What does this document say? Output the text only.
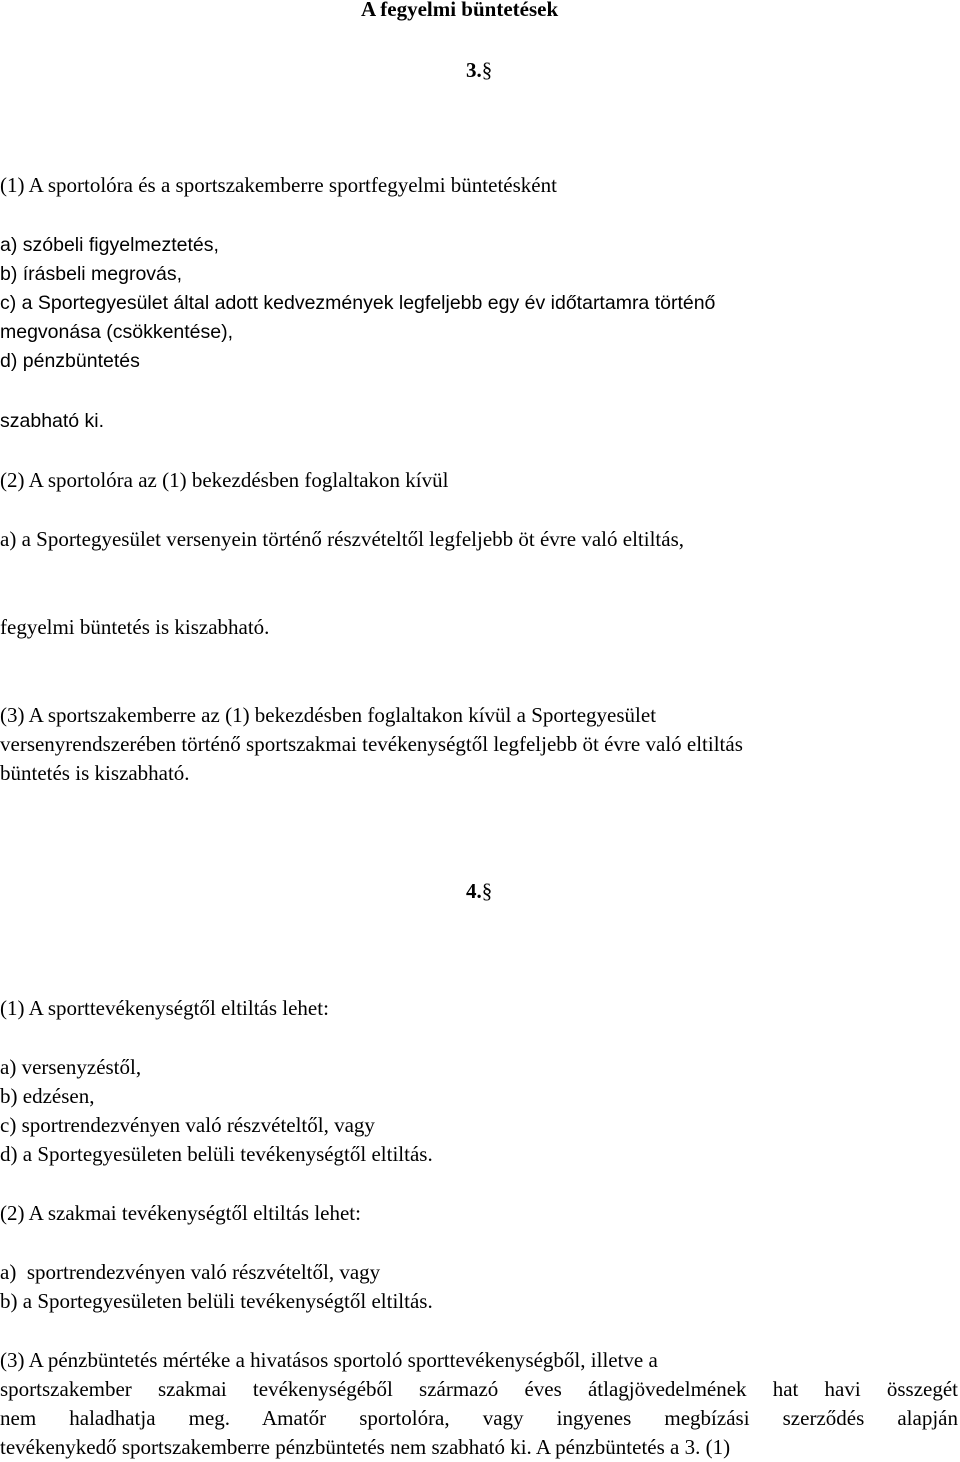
A fegyelmi büntetések
3.§
(1) A sportolóra és a sportszakemberre sportfegyelmi büntetésként
a) szóbeli figyelmeztetés,
b) írásbeli megrovás,
c) a Sportegyesület által adott kedvezmények legfeljebb egy év időtartamra történő
megvonása (csökkentése),
d) pénzbüntetés
szabható ki.
(2) A sportolóra az (1) bekezdésben foglaltakon kívül
a) a Sportegyesület versenyein történő részvételtől legfeljebb öt évre való eltiltás,
fegyelmi büntetés is kiszabható.
(3) A sportszakemberre az (1) bekezdésben foglaltakon kívül a Sportegyesület
versenyrendszerében történő sportszakmai tevékenységtől legfeljebb öt évre való eltiltás
büntetés is kiszabható.
4.§
(1) A sporttevékenységtől eltiltás lehet:
a) versenyzéstől,
b) edzésen,
c) sportrendezvényen való részvételtől, vagy
d) a Sportegyesületen belüli tevékenységtől eltiltás.
(2) A szakmai tevékenységtől eltiltás lehet:
a)  sportrendezvényen való részvételtől, vagy
b) a Sportegyesületen belüli tevékenységtől eltiltás.
(3) A pénzbüntetés mértéke a hivatásos sportoló sporttevékenységből, illetve a
sportszakember szakmai tevékenységéből származó éves átlagjövedelmének hat havi összegét
nem haladhatja meg. Amatőr sportolóra, vagy ingyenes megbízási szerződés alapján
tevékenykedő sportszakemberre pénzbüntetés nem szabható ki. A pénzbüntetés a 3. (1)
